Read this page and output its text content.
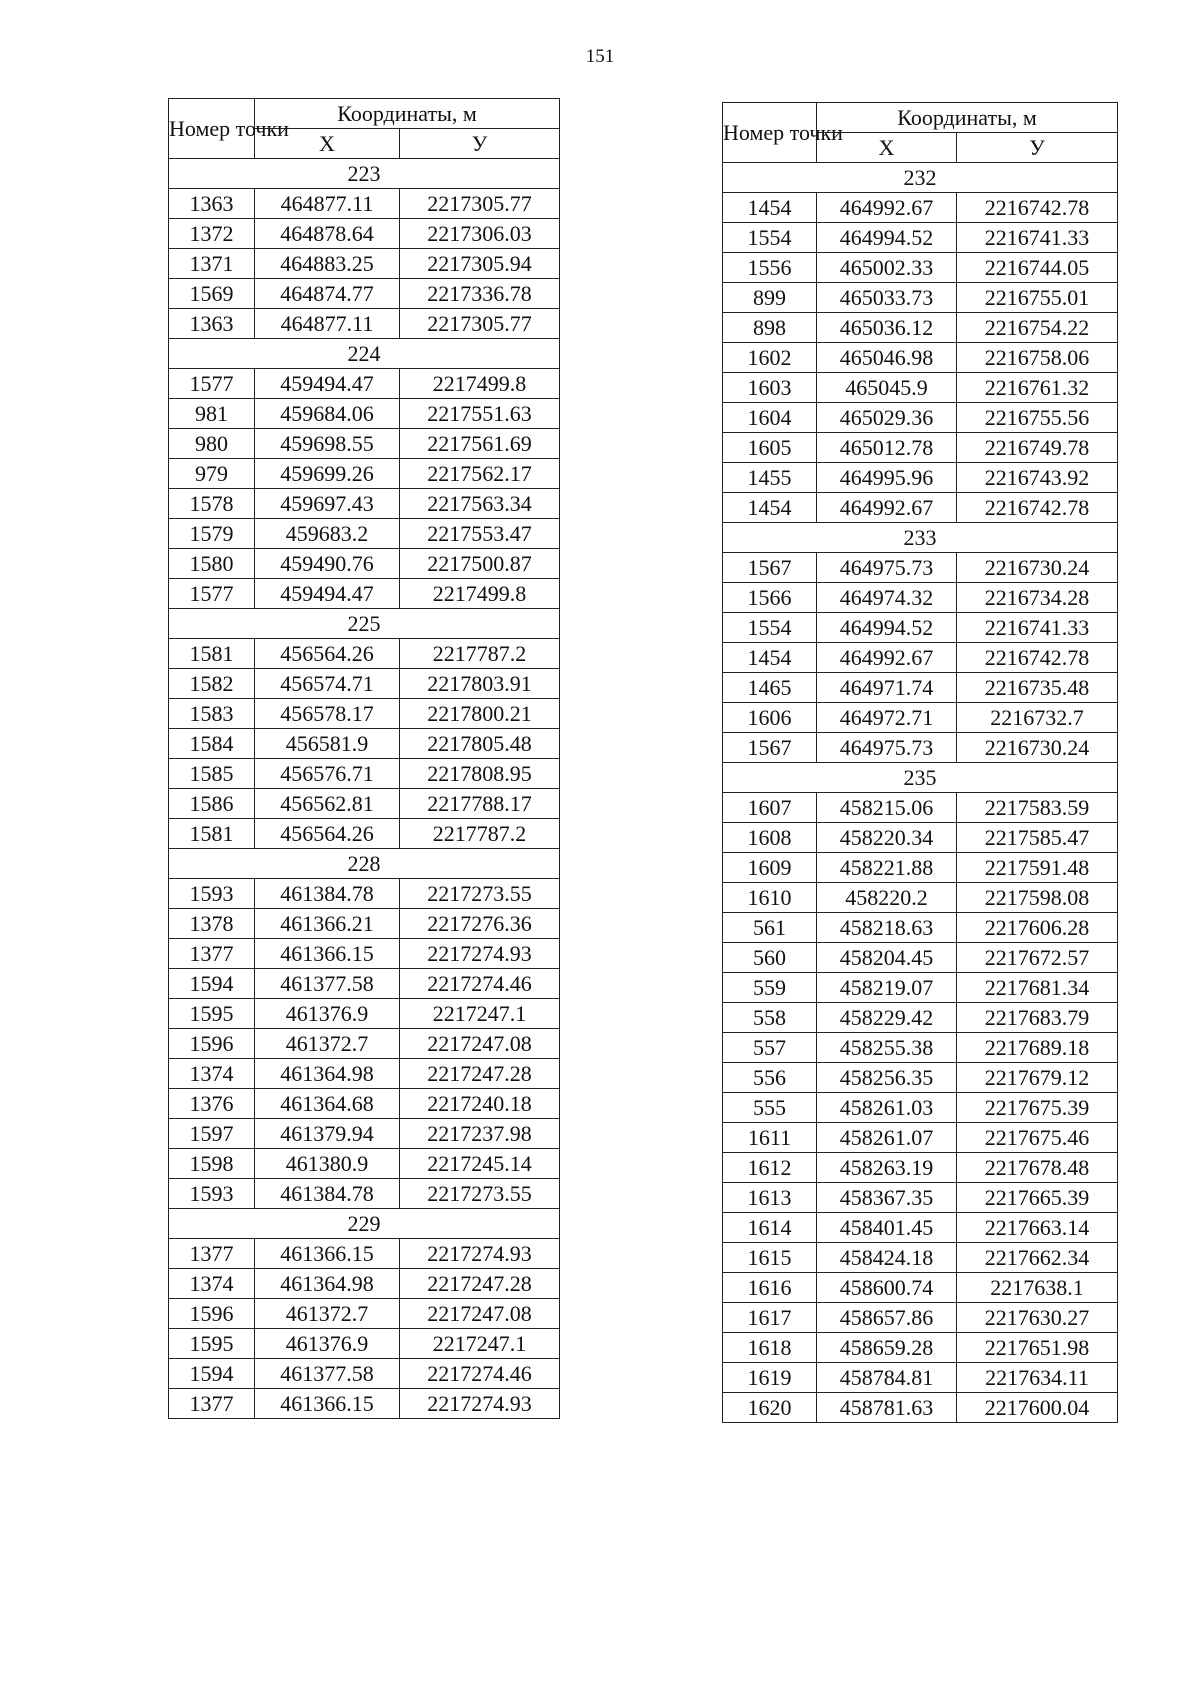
151
Номер точки	Координаты, м	
	Х	У
223		
1363	464877.11	2217305.77
1372	464878.64	2217306.03
1371	464883.25	2217305.94
1569	464874.77	2217336.78
1363	464877.11	2217305.77
224		
1577	459494.47	2217499.8
981	459684.06	2217551.63
980	459698.55	2217561.69
979	459699.26	2217562.17
1578	459697.43	2217563.34
1579	459683.2	2217553.47
1580	459490.76	2217500.87
1577	459494.47	2217499.8
225		
1581	456564.26	2217787.2
1582	456574.71	2217803.91
1583	456578.17	2217800.21
1584	456581.9	2217805.48
1585	456576.71	2217808.95
1586	456562.81	2217788.17
1581	456564.26	2217787.2
228		
1593	461384.78	2217273.55
1378	461366.21	2217276.36
1377	461366.15	2217274.93
1594	461377.58	2217274.46
1595	461376.9	2217247.1
1596	461372.7	2217247.08
1374	461364.98	2217247.28
1376	461364.68	2217240.18
1597	461379.94	2217237.98
1598	461380.9	2217245.14
1593	461384.78	2217273.55
229		
1377	461366.15	2217274.93
1374	461364.98	2217247.28
1596	461372.7	2217247.08
1595	461376.9	2217247.1
1594	461377.58	2217274.46
1377	461366.15	2217274.93
Номер точки	Координаты, м	
	Х	У
232		
1454	464992.67	2216742.78
1554	464994.52	2216741.33
1556	465002.33	2216744.05
899	465033.73	2216755.01
898	465036.12	2216754.22
1602	465046.98	2216758.06
1603	465045.9	2216761.32
1604	465029.36	2216755.56
1605	465012.78	2216749.78
1455	464995.96	2216743.92
1454	464992.67	2216742.78
233		
1567	464975.73	2216730.24
1566	464974.32	2216734.28
1554	464994.52	2216741.33
1454	464992.67	2216742.78
1465	464971.74	2216735.48
1606	464972.71	2216732.7
1567	464975.73	2216730.24
235		
1607	458215.06	2217583.59
1608	458220.34	2217585.47
1609	458221.88	2217591.48
1610	458220.2	2217598.08
561	458218.63	2217606.28
560	458204.45	2217672.57
559	458219.07	2217681.34
558	458229.42	2217683.79
557	458255.38	2217689.18
556	458256.35	2217679.12
555	458261.03	2217675.39
1611	458261.07	2217675.46
1612	458263.19	2217678.48
1613	458367.35	2217665.39
1614	458401.45	2217663.14
1615	458424.18	2217662.34
1616	458600.74	2217638.1
1617	458657.86	2217630.27
1618	458659.28	2217651.98
1619	458784.81	2217634.11
1620	458781.63	2217600.04
